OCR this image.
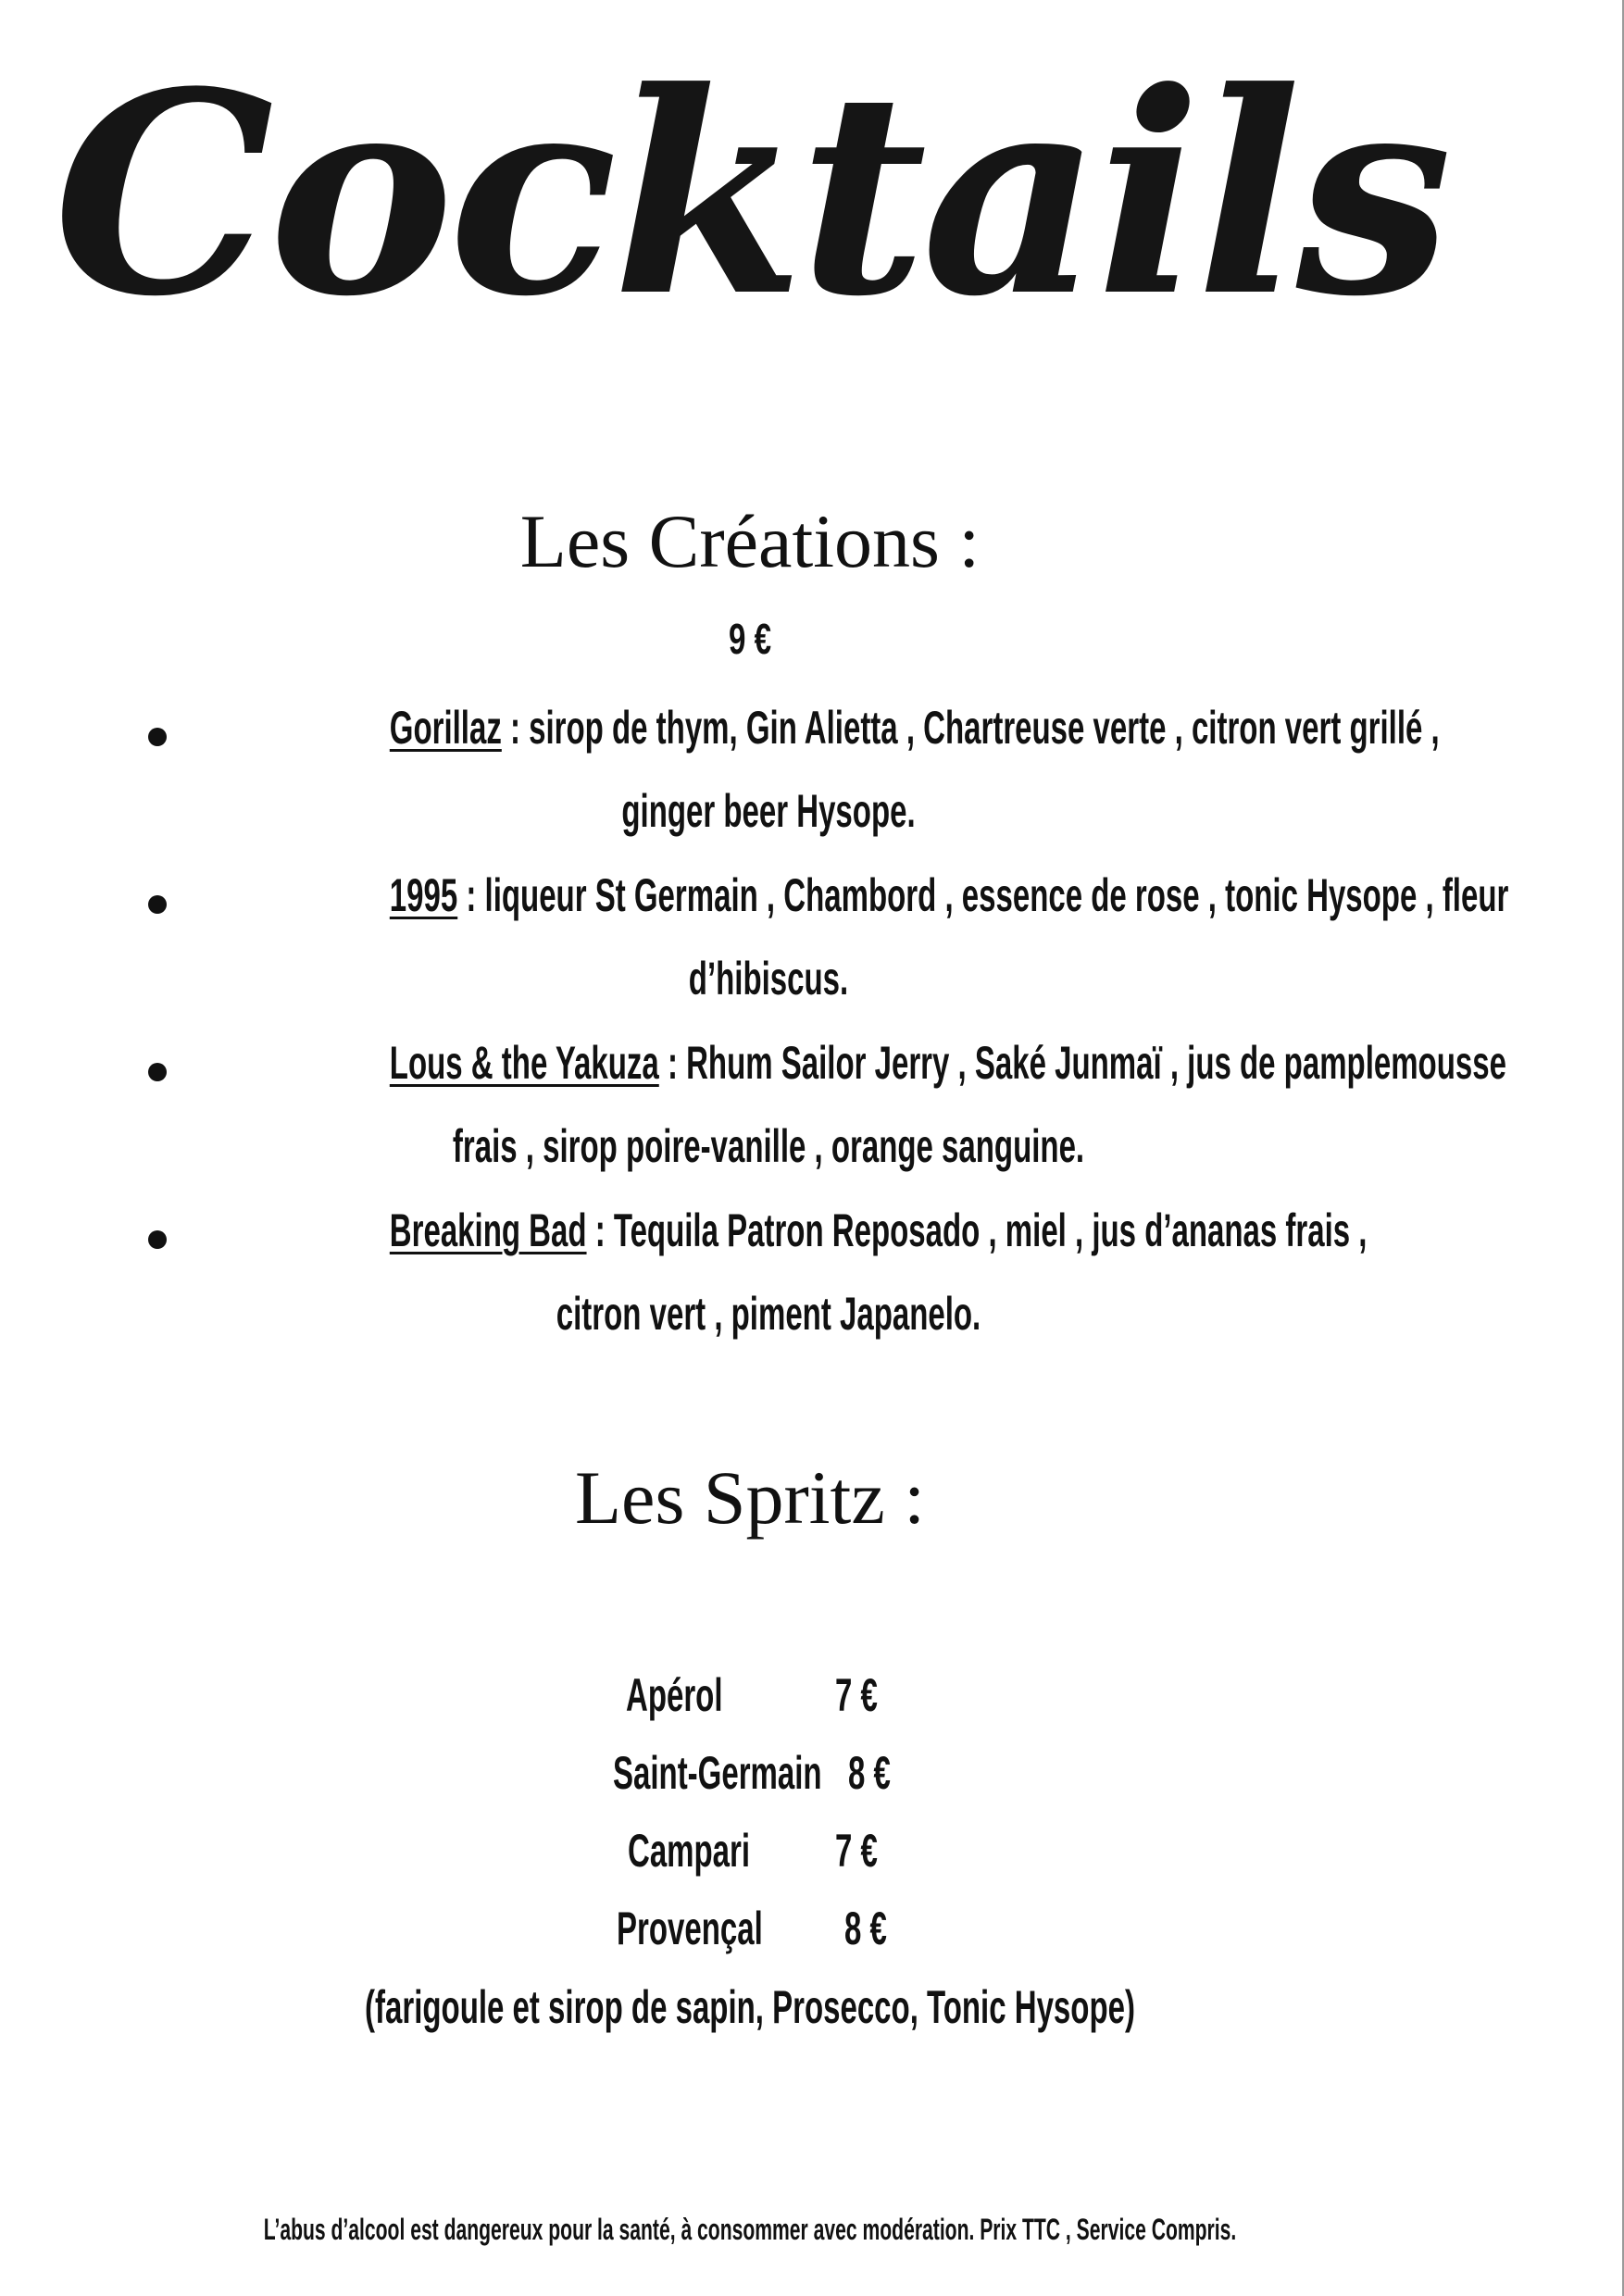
Cocktails
Les Créations :
9 €
Gorillaz : sirop de thym, Gin Alietta , Chartreuse verte , citron vert grillé ,
ginger beer Hysope.
1995 : liqueur St Germain , Chambord , essence de rose , tonic Hysope , fleur
d’hibiscus.
Lous & the Yakuza : Rhum Sailor Jerry , Saké Junmaï , jus de pamplemousse
frais , sirop poire-vanille , orange sanguine.
Breaking Bad : Tequila Patron Reposado , miel , jus d’ananas frais ,
citron vert , piment Japanelo.
Les Spritz :
Apérol 7 €
Saint-Germain 8 €
Campari 7 €
Provençal 8 €
(farigoule et sirop de sapin, Prosecco, Tonic Hysope)
L’abus d’alcool est dangereux pour la santé, à consommer avec modération. Prix TTC , Service Compris.
